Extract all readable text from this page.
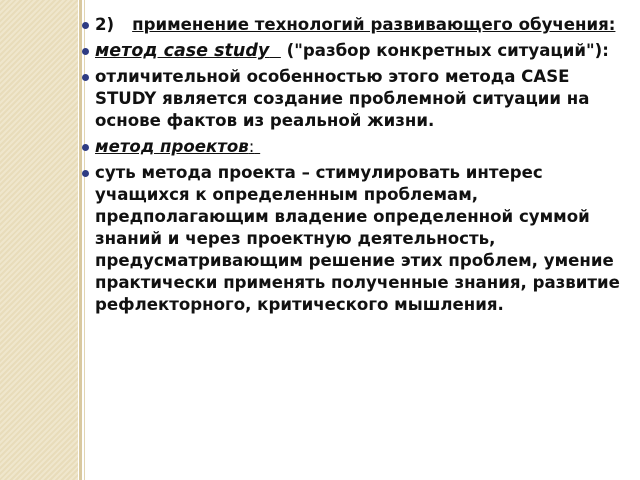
2) применение технологий развивающего обучения:
метод case study   ("разбор конкретных ситуаций"):
отличительной особенностью этого метода CASE STUDY является создание проблемной ситуации на основе фактов из реальной жизни.
метод проектов:
суть метода проекта – стимулировать интерес учащихся к определенным проблемам, предполагающим владение определенной суммой знаний и через проектную деятельность, предусматривающим решение этих проблем, умение практически применять полученные знания, развитие рефлекторного, критического мышления.
